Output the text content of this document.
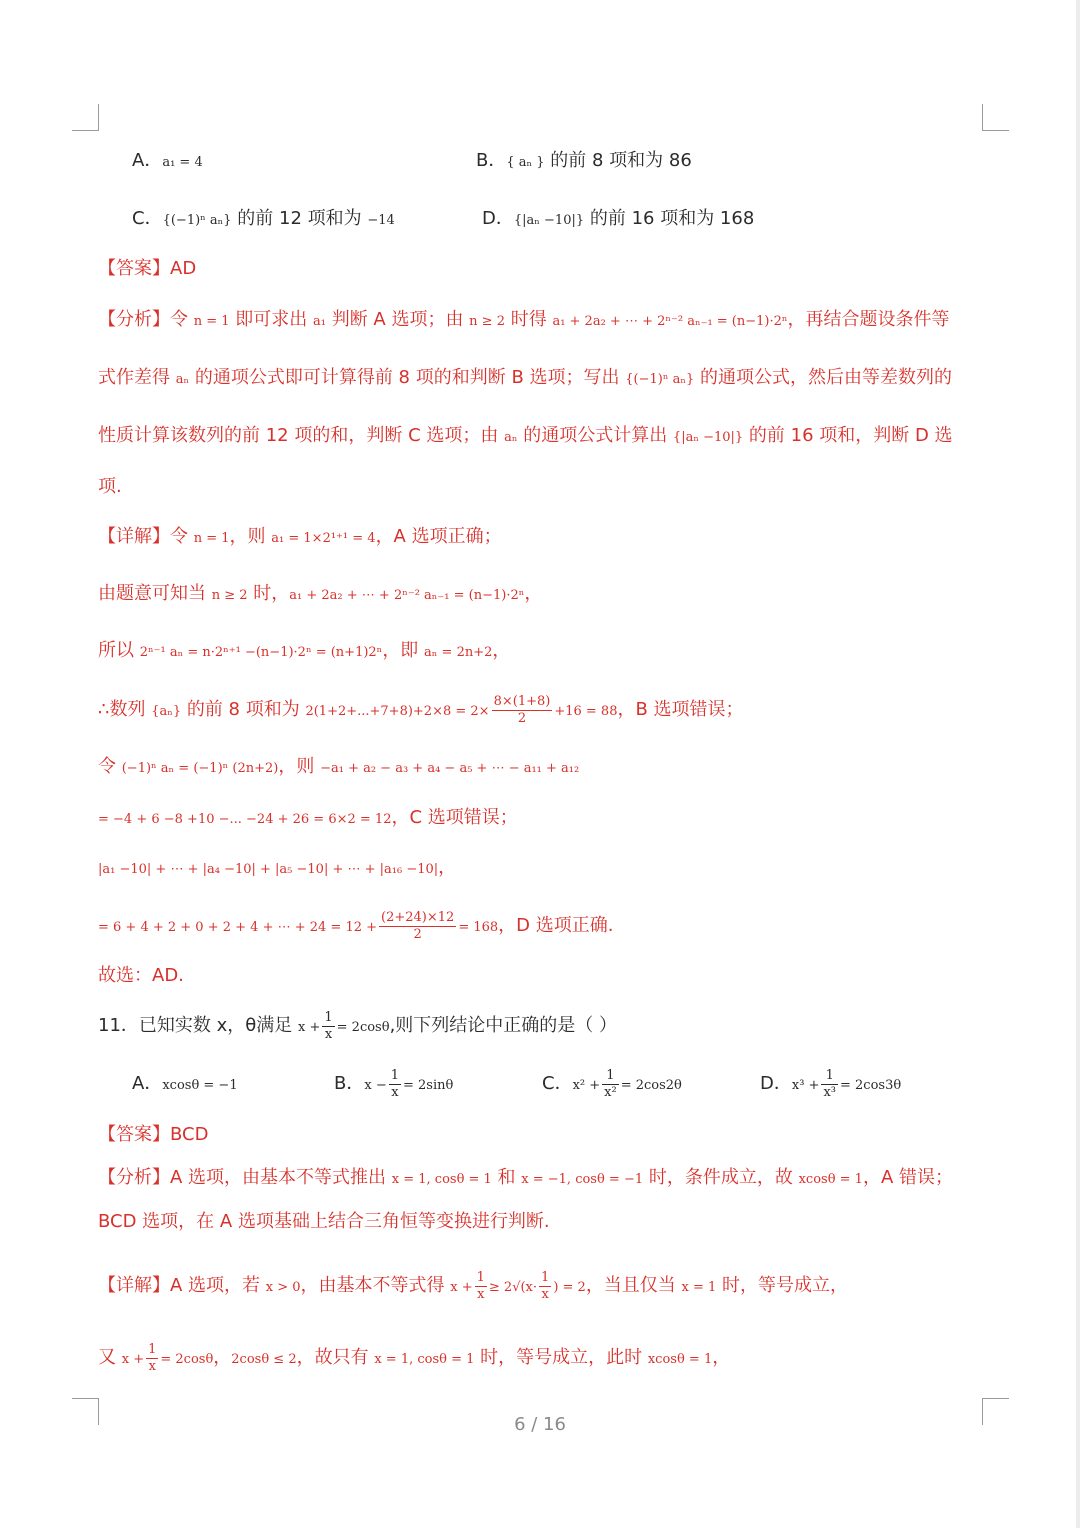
A．a₁ = 4	B．{ aₙ } 的前 8 项和为 86
C．{(−1)ⁿ aₙ} 的前 12 项和为 −14	D．{|aₙ −10|} 的前 16 项和为 168
【答案】AD
【分析】令 n = 1 即可求出 a₁ 判断 A 选项；由 n ≥ 2 时得 a₁ + 2a₂ + ⋯ + 2ⁿ⁻² aₙ₋₁ = (n−1)·2ⁿ，再结合题设条件等
式作差得 aₙ 的通项公式即可计算得前 8 项的和判断 B 选项；写出 {(−1)ⁿ aₙ} 的通项公式，然后由等差数列的
性质计算该数列的前 12 项的和，判断 C 选项；由 aₙ 的通项公式计算出 {|aₙ −10|} 的前 16 项和，判断 D 选
项.
【详解】令 n = 1，则 a₁ = 1×2¹⁺¹ = 4，A 选项正确；
由题意可知当 n ≥ 2 时，a₁ + 2a₂ + ⋯ + 2ⁿ⁻² aₙ₋₁ = (n−1)·2ⁿ，
所以 2ⁿ⁻¹ aₙ = n·2ⁿ⁺¹ −(n−1)·2ⁿ = (n+1)2ⁿ，即 aₙ = 2n+2，
∴数列 {aₙ} 的前 8 项和为 $2(1+2+...+7+8)+2\times 8 = 2\times \frac{8\times(1+8)}{2} +16 = 88$，B 选项错误；
令 (−1)ⁿ aₙ = (−1)ⁿ (2n+2)，则 −a₁ + a₂ − a₃ + a₄ − a₅ + ⋯ − a₁₁ + a₁₂
= −4 + 6 −8 +10 −... −24 + 26 = 6×2 = 12，C 选项错误；
|a₁ −10| + ⋯ + |a₄ −10| + |a₅ −10| + ⋯ + |a₁₆ −10|，
= 6 + 4 + 2 + 0 + 2 + 4 + ⋯ + $24 = 12 + \frac{(2+24)\times 12}{2} = 168$，D 选项正确.
故选：AD.
11．已知实数 x，θ满足 $x + \frac{1}{x} = 2\cos\theta$,则下列结论中正确的是（ ）
A．xcosθ = −1	B．$x - \frac{1}{x} = 2\sin\theta$	C．$x^2 + \frac{1}{\text{x²}} = 2\cos 2\theta$	D．$x^3 + \frac{1}{\text{x³}} = 2\cos 3\theta$
【答案】BCD
【分析】A 选项，由基本不等式推出 x = 1, cosθ = 1 和 x = −1, cosθ = −1 时，条件成立，故 xcosθ = 1，A 错误；
BCD 选项，在 A 选项基础上结合三角恒等变换进行判断.
【详解】A 选项，若 x > 0，由基本不等式得 $x + \frac{1}{x} \ge 2√(x\cdot \frac{1}{x}$ ) = 2，当且仅当 x = 1 时，等号成立，
又 $x + \frac{1}{x} = 2\cos\theta$，2cosθ ≤ 2，故只有 x = 1, cosθ = 1 时，等号成立，此时 xcosθ = 1，
6 / 16
